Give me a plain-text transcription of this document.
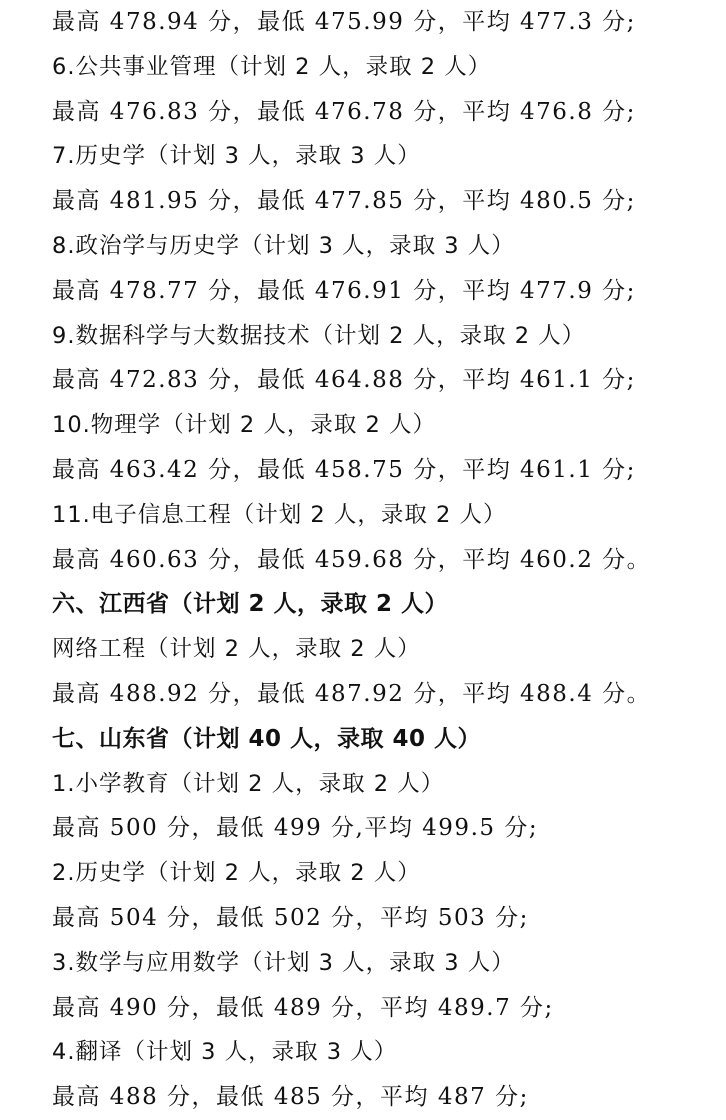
最高 478.94 分，最低 475.99 分，平均 477.3 分;
6.公共事业管理（计划 2 人，录取 2 人）
最高 476.83 分，最低 476.78 分，平均 476.8 分;
7.历史学（计划 3 人，录取 3 人）
最高 481.95 分，最低 477.85 分，平均 480.5 分;
8.政治学与历史学（计划 3 人，录取 3 人）
最高 478.77 分，最低 476.91 分，平均 477.9 分;
9.数据科学与大数据技术（计划 2 人，录取 2 人）
最高 472.83 分，最低 464.88 分，平均 461.1 分;
10.物理学（计划 2 人，录取 2 人）
最高 463.42 分，最低 458.75 分，平均 461.1 分;
11.电子信息工程（计划 2 人，录取 2 人）
最高 460.63 分，最低 459.68 分，平均 460.2 分。
六、江西省（计划 2 人，录取 2 人）
网络工程（计划 2 人，录取 2 人）
最高 488.92 分，最低 487.92 分，平均 488.4 分。
七、山东省（计划 40 人，录取 40 人）
1.小学教育（计划 2 人，录取 2 人）
最高 500 分，最低 499 分,平均 499.5 分;
2.历史学（计划 2 人，录取 2 人）
最高 504 分，最低 502 分，平均 503 分;
3.数学与应用数学（计划 3 人，录取 3 人）
最高 490 分，最低 489 分，平均 489.7 分;
4.翻译（计划 3 人，录取 3 人）
最高 488 分，最低 485 分，平均 487 分;
